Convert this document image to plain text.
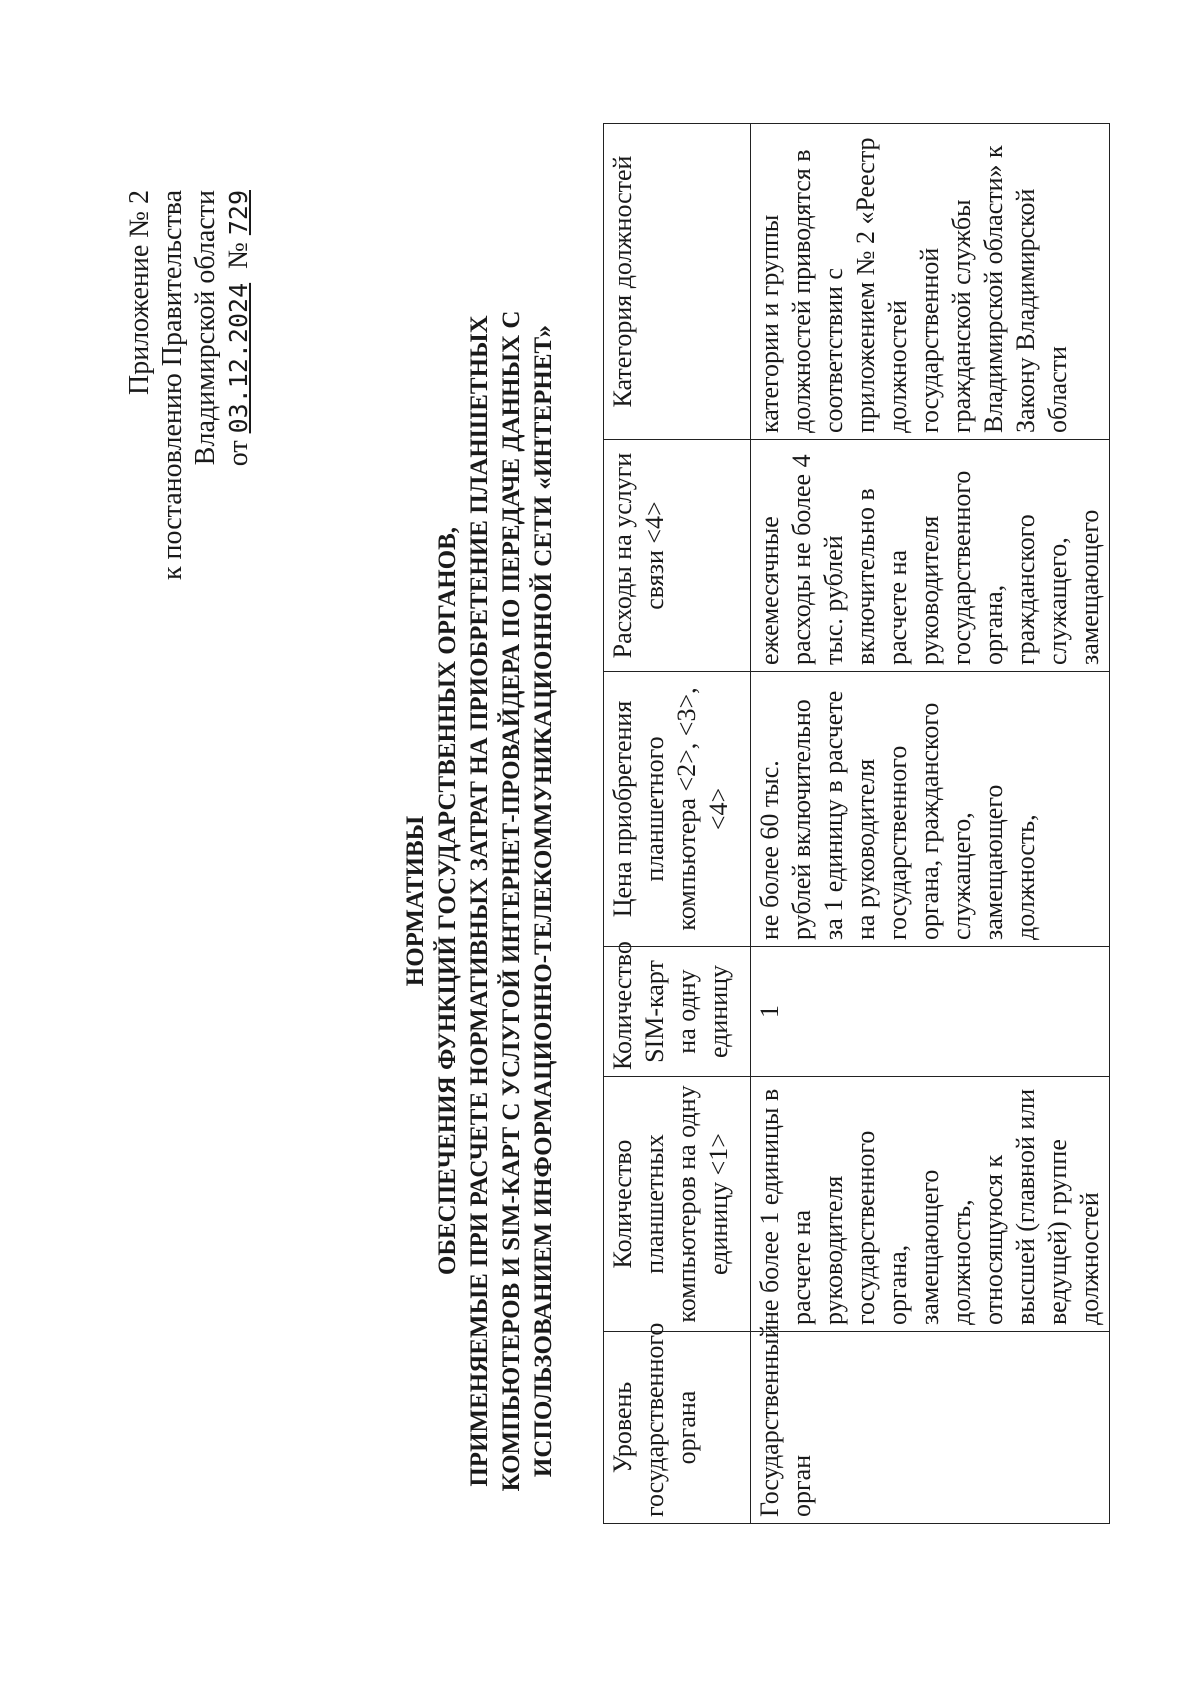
Приложение № 2 к постановлению Правительства Владимирской области от 03.12.2024  № 729
НОРМАТИВЫ ОБЕСПЕЧЕНИЯ ФУНКЦИЙ ГОСУДАРСТВЕННЫХ ОРГАНОВ, ПРИМЕНЯЕМЫЕ ПРИ РАСЧЕТЕ НОРМАТИВНЫХ ЗАТРАТ НА ПРИОБРЕТЕНИЕ ПЛАНШЕТНЫХ КОМПЬЮТЕРОВ И SIM-КАРТ С УСЛУГОЙ ИНТЕРНЕТ-ПРОВАЙДЕРА ПО ПЕРЕДАЧЕ ДАННЫХ С ИСПОЛЬЗОВАНИЕМ ИНФОРМАЦИОННО-ТЕЛЕКОММУНИКАЦИОННОЙ СЕТИ «ИНТЕРНЕТ» Уровень государственного органа	Количество планшетных компьютеров на одну единицу <1>	Количество SIM-карт на одну единицу	Цена приобретения планшетного компьютера <2>, <3>, <4>	Расходы на услуги связи <4>	Категория должностей
Государственный орган	не более 1 единицы в расчете на руководителя государственного органа, замещающего должность, относящуюся к высшей (главной или ведущей) группе должностей	1	не более 60 тыс. рублей включительно за 1 единицу в расчете на руководителя государственного органа, гражданского служащего, замещающего должность,	ежемесячные расходы не более 4 тыс. рублей включительно в расчете на руководителя государственного органа, гражданского служащего, замещающего	категории и группы должностей приводятся в соответствии с приложением № 2 «Реестр должностей государственной гражданской службы Владимирской области» к Закону Владимирской области
